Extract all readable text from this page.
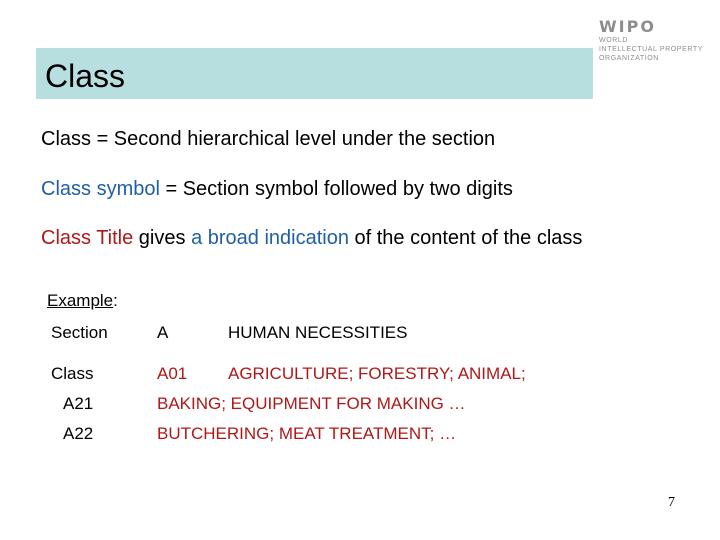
WIPO
WORLD
INTELLECTUAL PROPERTY
ORGANIZATION
Class
Class = Second hierarchical level under the section
Class symbol = Section symbol followed by two digits
Class Title gives a broad indication of the content of the class
Example:
Section	A	HUMAN NECESSITIES
Class	A01 AGRICULTURE; FORESTRY; ANIMAL;
A21	BAKING; EQUIPMENT FOR MAKING …
A22	BUTCHERING; MEAT TREATMENT; …
7
